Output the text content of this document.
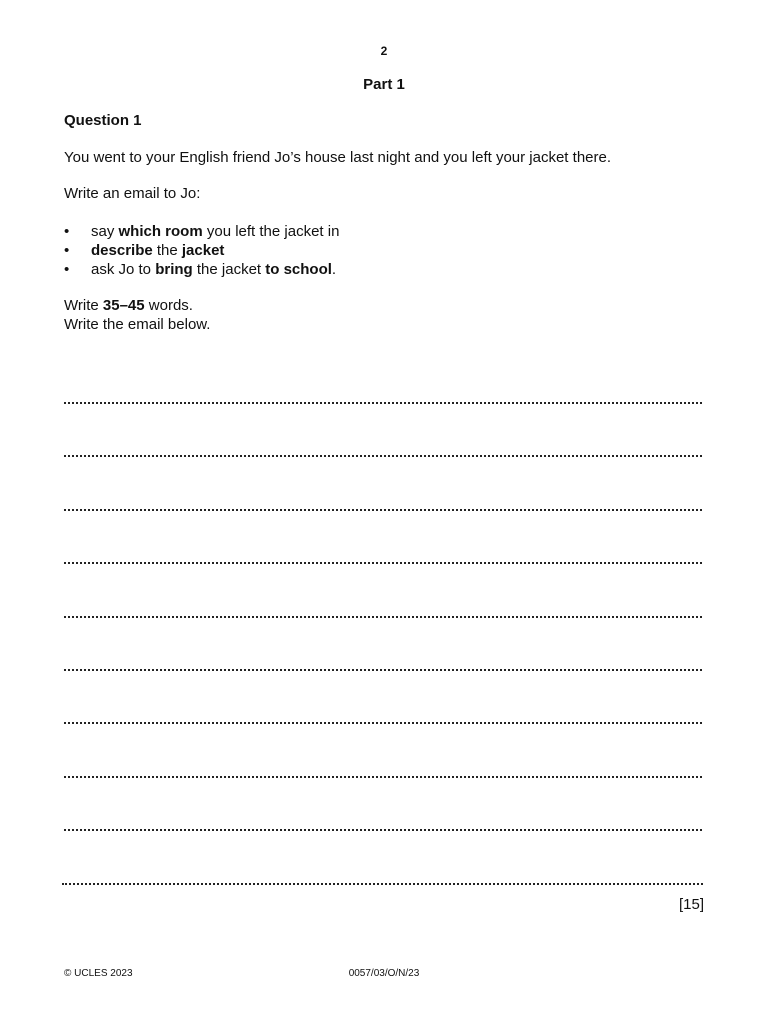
2
Part 1
Question 1
You went to your English friend Jo’s house last night and you left your jacket there.
Write an email to Jo:
• say which room you left the jacket in
• describe the jacket
• ask Jo to bring the jacket to school.
Write 35–45 words.
Write the email below.
[15]
© UCLES 2023	0057/03/O/N/23
